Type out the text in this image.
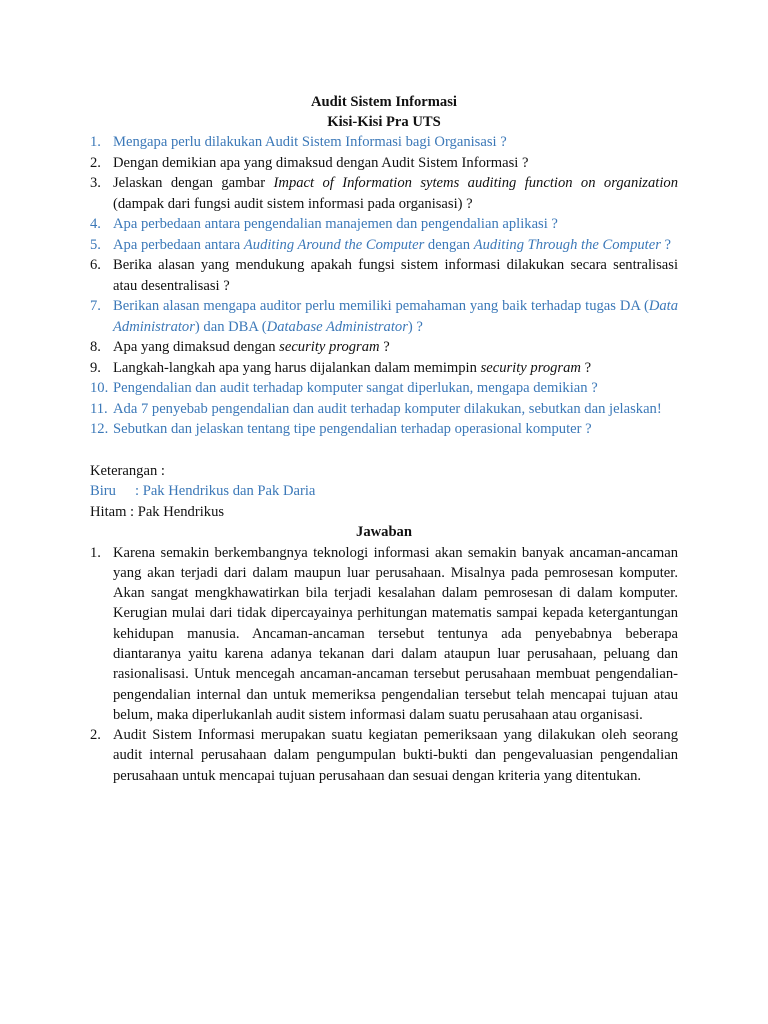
Audit Sistem Informasi
Kisi-Kisi Pra UTS
1. Mengapa perlu dilakukan Audit Sistem Informasi bagi Organisasi ?
2. Dengan demikian apa yang dimaksud dengan Audit Sistem Informasi ?
3. Jelaskan dengan gambar Impact of Information sytems auditing function on organization (dampak dari fungsi audit sistem informasi pada organisasi) ?
4. Apa perbedaan antara pengendalian manajemen dan pengendalian aplikasi ?
5. Apa perbedaan antara Auditing Around the Computer dengan Auditing Through the Computer ?
6. Berika alasan yang mendukung apakah fungsi sistem informasi dilakukan secara sentralisasi atau desentralisasi ?
7. Berikan alasan mengapa auditor perlu memiliki pemahaman yang baik terhadap tugas DA (Data Administrator) dan DBA (Database Administrator) ?
8. Apa yang dimaksud dengan security program ?
9. Langkah-langkah apa yang harus dijalankan dalam memimpin security program ?
10. Pengendalian dan audit terhadap komputer sangat diperlukan, mengapa demikian ?
11. Ada 7 penyebab pengendalian dan audit terhadap komputer dilakukan, sebutkan dan jelaskan!
12. Sebutkan dan jelaskan tentang tipe pengendalian terhadap operasional komputer ?
Keterangan :
Biru : Pak Hendrikus dan Pak Daria
Hitam : Pak Hendrikus
Jawaban
1. Karena semakin berkembangnya teknologi informasi akan semakin banyak ancaman-ancaman yang akan terjadi dari dalam maupun luar perusahaan. Misalnya pada pemrosesan komputer. Akan sangat mengkhawatirkan bila terjadi kesalahan dalam pemrosesan di dalam komputer. Kerugian mulai dari tidak dipercayainya perhitungan matematis sampai kepada ketergantungan kehidupan manusia. Ancaman-ancaman tersebut tentunya ada penyebabnya beberapa diantaranya yaitu karena adanya tekanan dari dalam ataupun luar perusahaan, peluang dan rasionalisasi. Untuk mencegah ancaman-ancaman tersebut perusahaan membuat pengendalian-pengendalian internal dan untuk memeriksa pengendalian tersebut telah mencapai tujuan atau belum, maka diperlukanlah audit sistem informasi dalam suatu perusahaan atau organisasi.
2. Audit Sistem Informasi merupakan suatu kegiatan pemeriksaan yang dilakukan oleh seorang audit internal perusahaan dalam pengumpulan bukti-bukti dan pengevaluasian pengendalian perusahaan untuk mencapai tujuan perusahaan dan sesuai dengan kriteria yang ditentukan.
